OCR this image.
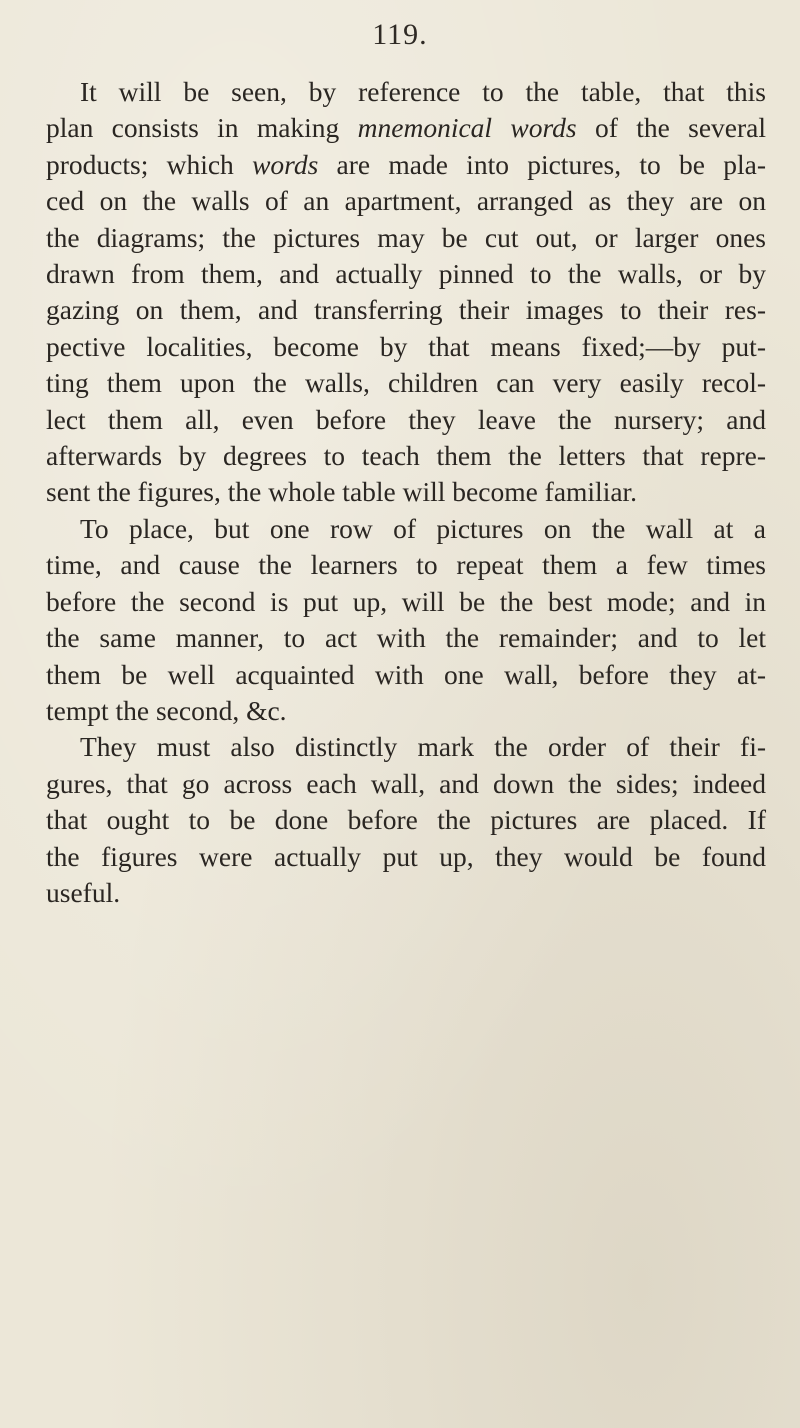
119.

It will be seen, by reference to the table, that this
plan consists in making mnemonical words of the several
products; which words are made into pictures, to be pla-
ced on the walls of an apartment, arranged as they are on
the diagrams; the pictures may be cut out, or larger ones
drawn from them, and actually pinned to the walls, or by
gazing on them, and transferring their images to their res-
pective localities, become by that means fixed;—by put-
ting them upon the walls, children can very easily recol-
lect them all, even before they leave the nursery; and
afterwards by degrees to teach them the letters that repre-
sent the figures, the whole table will become familiar.

To place, but one row of pictures on the wall at a
time, and cause the learners to repeat them a few times
before the second is put up, will be the best mode; and in
the same manner, to act with the remainder; and to let
them be well acquainted with one wall, before they at-
tempt the second, &c.

They must also distinctly mark the order of their fi-
gures, that go across each wall, and down the sides; indeed
that ought to be done before the pictures are placed. If
the figures were actually put up, they would be found
useful.
